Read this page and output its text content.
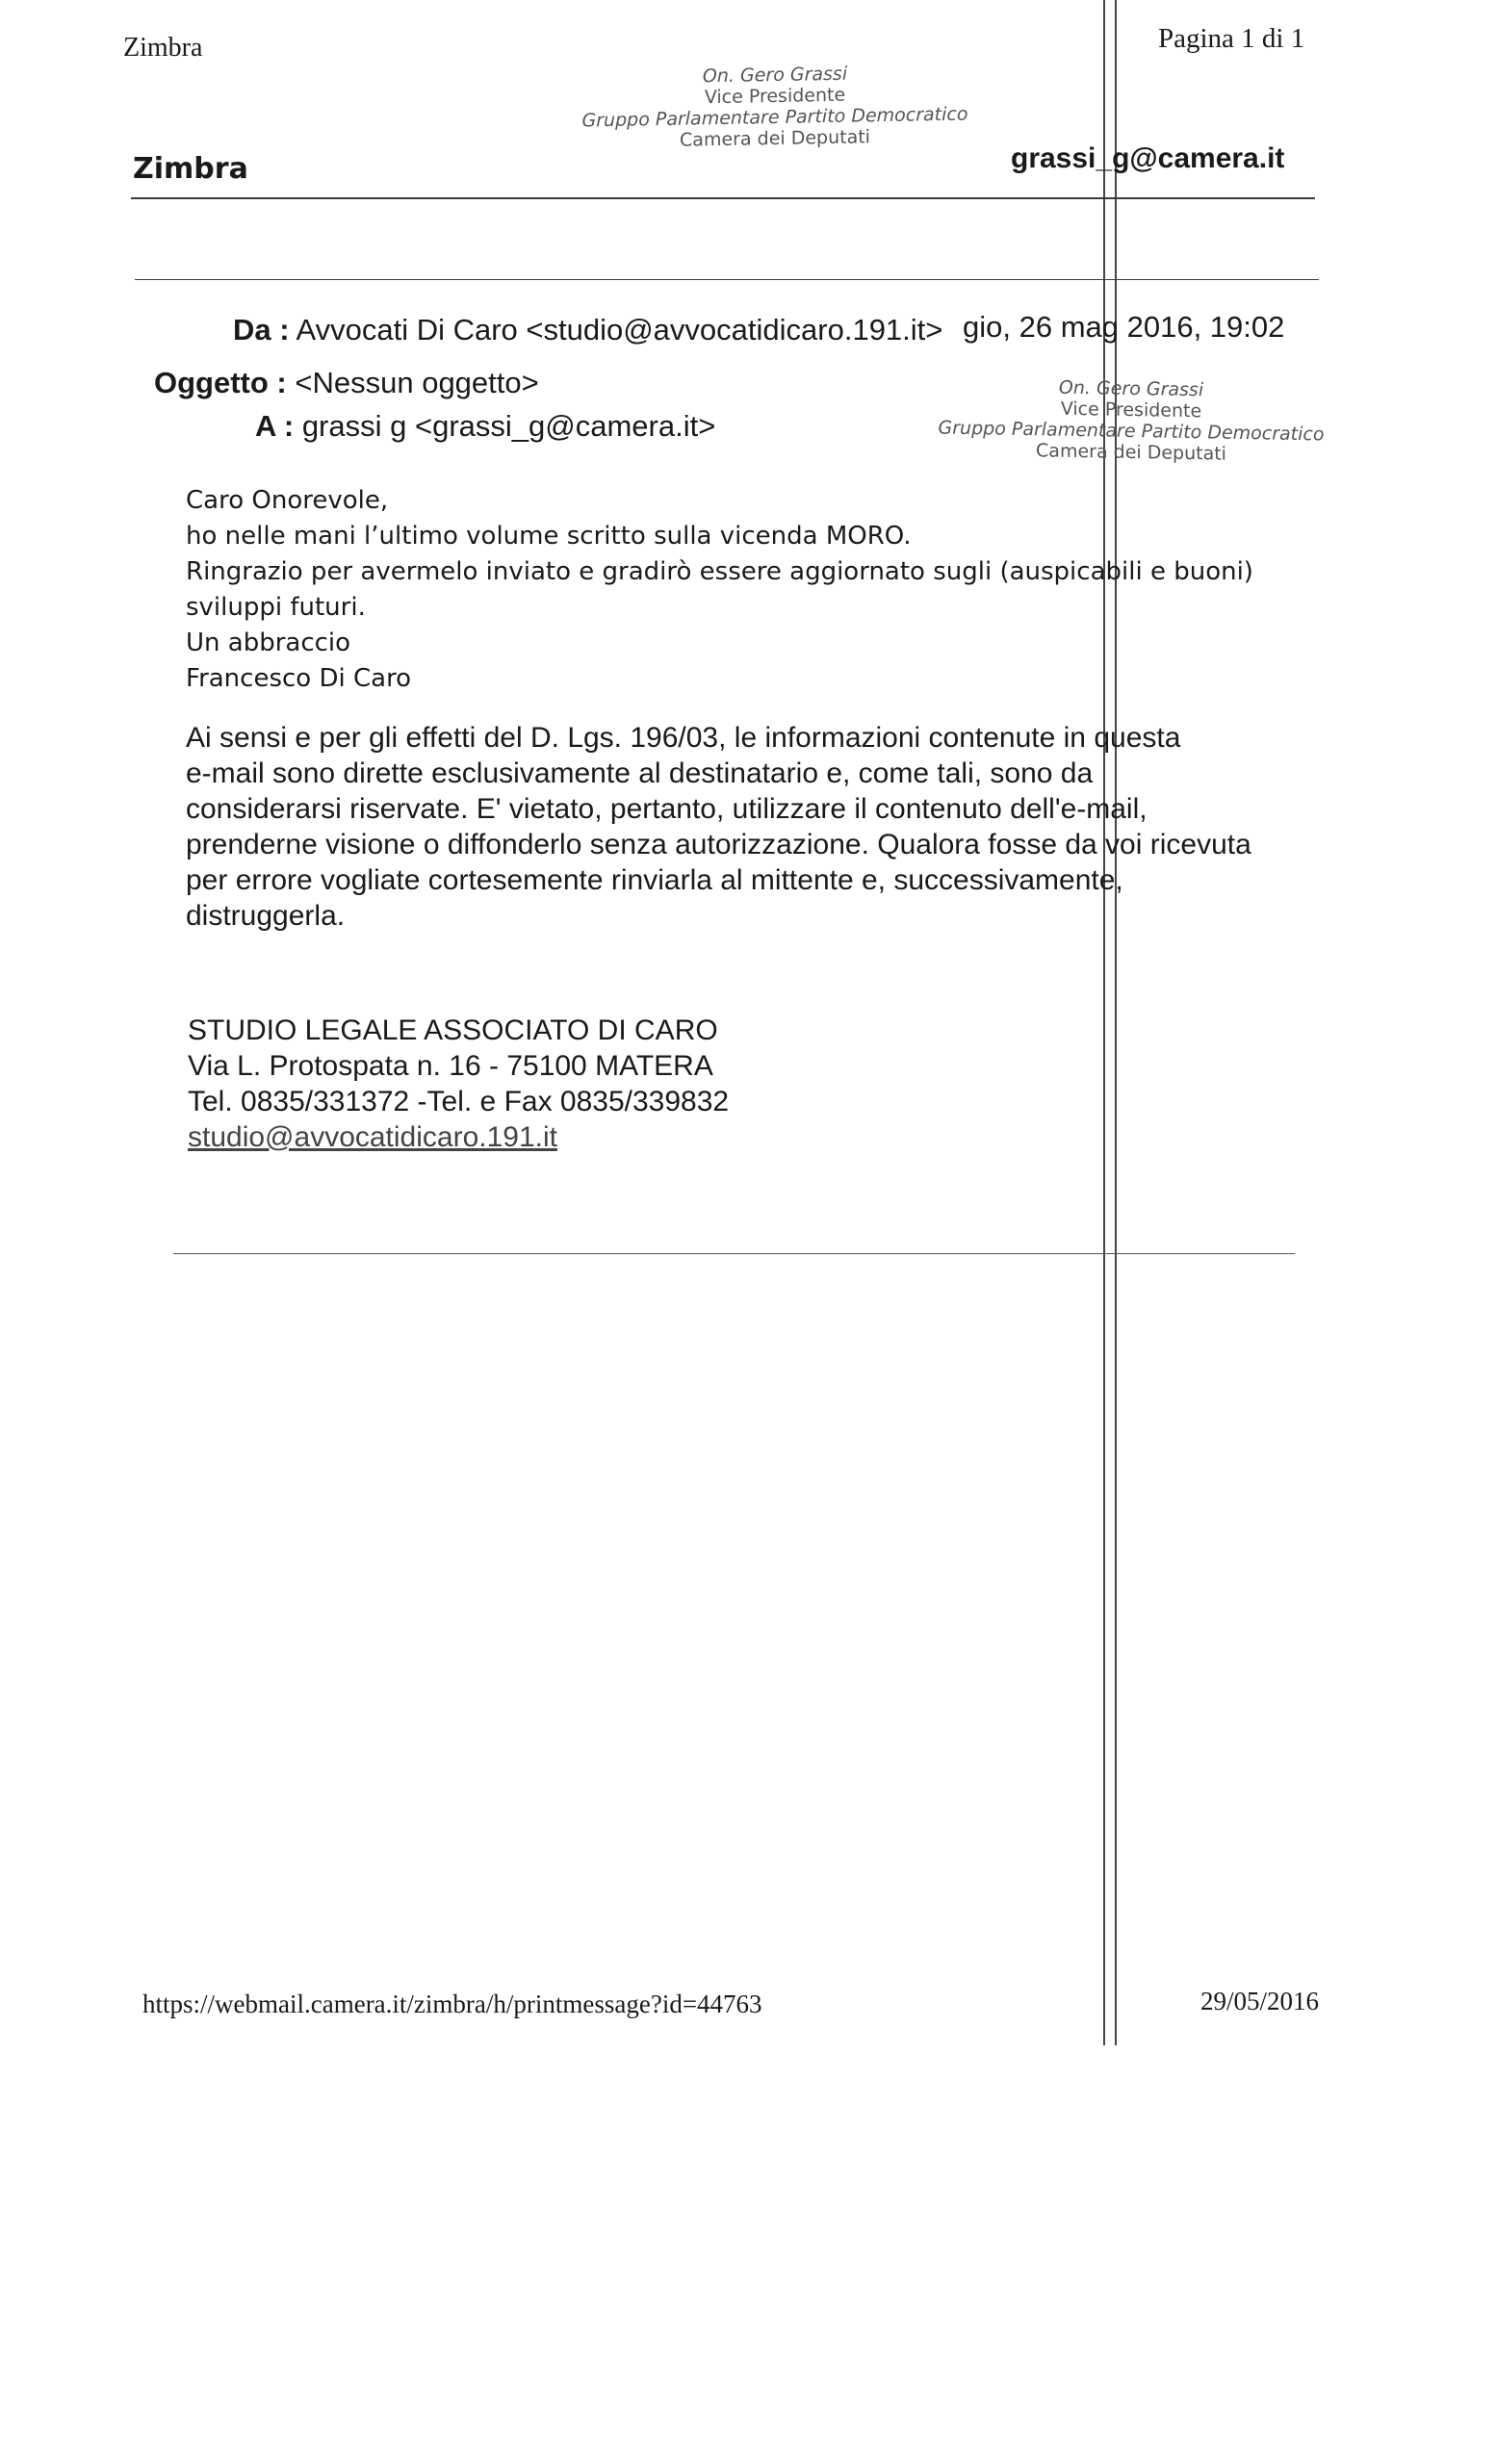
Zimbra	Pagina 1 di 1
On. Gero Grassi
Vice Presidente
Gruppo Parlamentare Partito Democratico
Camera dei Deputati
Zimbra	grassi_g@camera.it
Da : Avvocati Di Caro <studio@avvocatidicaro.191.it> gio, 26 mag 2016, 19:02
Oggetto : <Nessun oggetto>
A : grassi g <grassi_g@camera.it>
On. Gero Grassi
Vice Presidente
Gruppo Parlamentare Partito Democratico
Camera dei Deputati
Caro Onorevole,
ho nelle mani l’ultimo volume scritto sulla vicenda MORO.
Ringrazio per avermelo inviato e gradirò essere aggiornato sugli (auspicabili e buoni)
sviluppi futuri.
Un abbraccio
Francesco Di Caro
Ai sensi e per gli effetti del D. Lgs. 196/03, le informazioni contenute in questa
e-mail sono dirette esclusivamente al destinatario e, come tali, sono da
considerarsi riservate. E' vietato, pertanto, utilizzare il contenuto dell'e-mail,
prenderne visione o diffonderlo senza autorizzazione. Qualora fosse da voi ricevuta
per errore vogliate cortesemente rinviarla al mittente e, successivamente,
distruggerla.
STUDIO LEGALE ASSOCIATO DI CARO
Via L. Protospata n. 16 - 75100 MATERA
Tel. 0835/331372 -Tel. e Fax 0835/339832
studio@avvocatidicaro.191.it
https://webmail.camera.it/zimbra/h/printmessage?id=44763	29/05/2016
